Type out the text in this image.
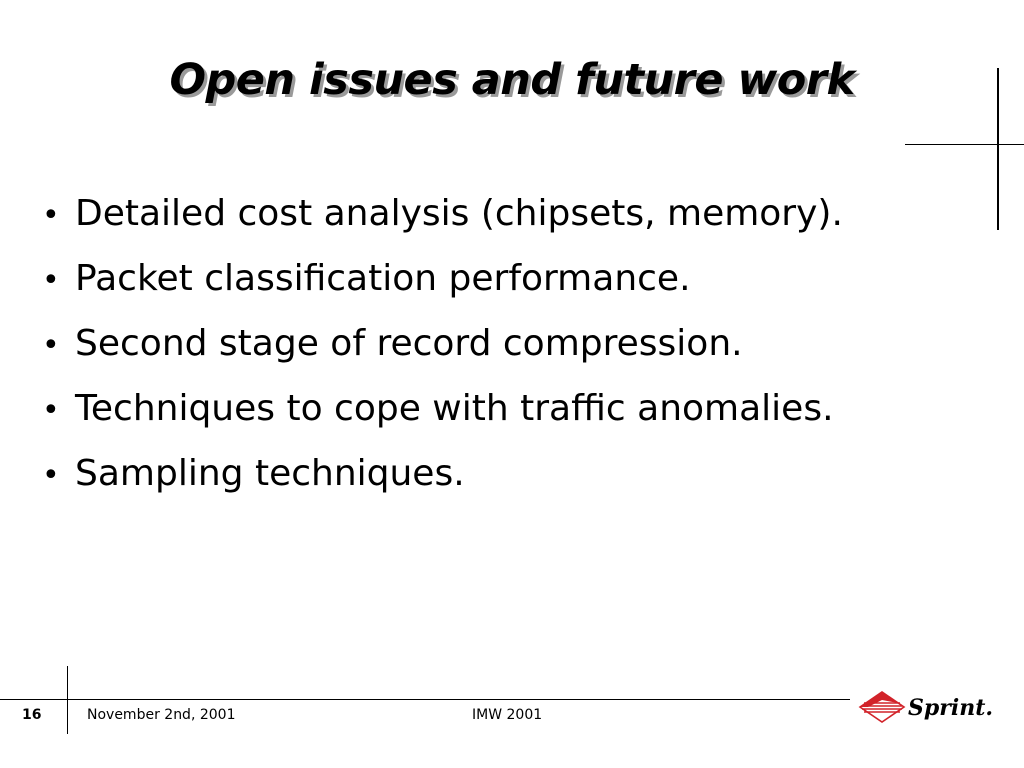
Open issues and future work
• Detailed cost analysis (chipsets, memory).
• Packet classification performance.
• Second stage of record compression.
• Techniques to cope with traffic anomalies.
• Sampling techniques.
16	November 2nd, 2001	IMW 2001	Sprint.
